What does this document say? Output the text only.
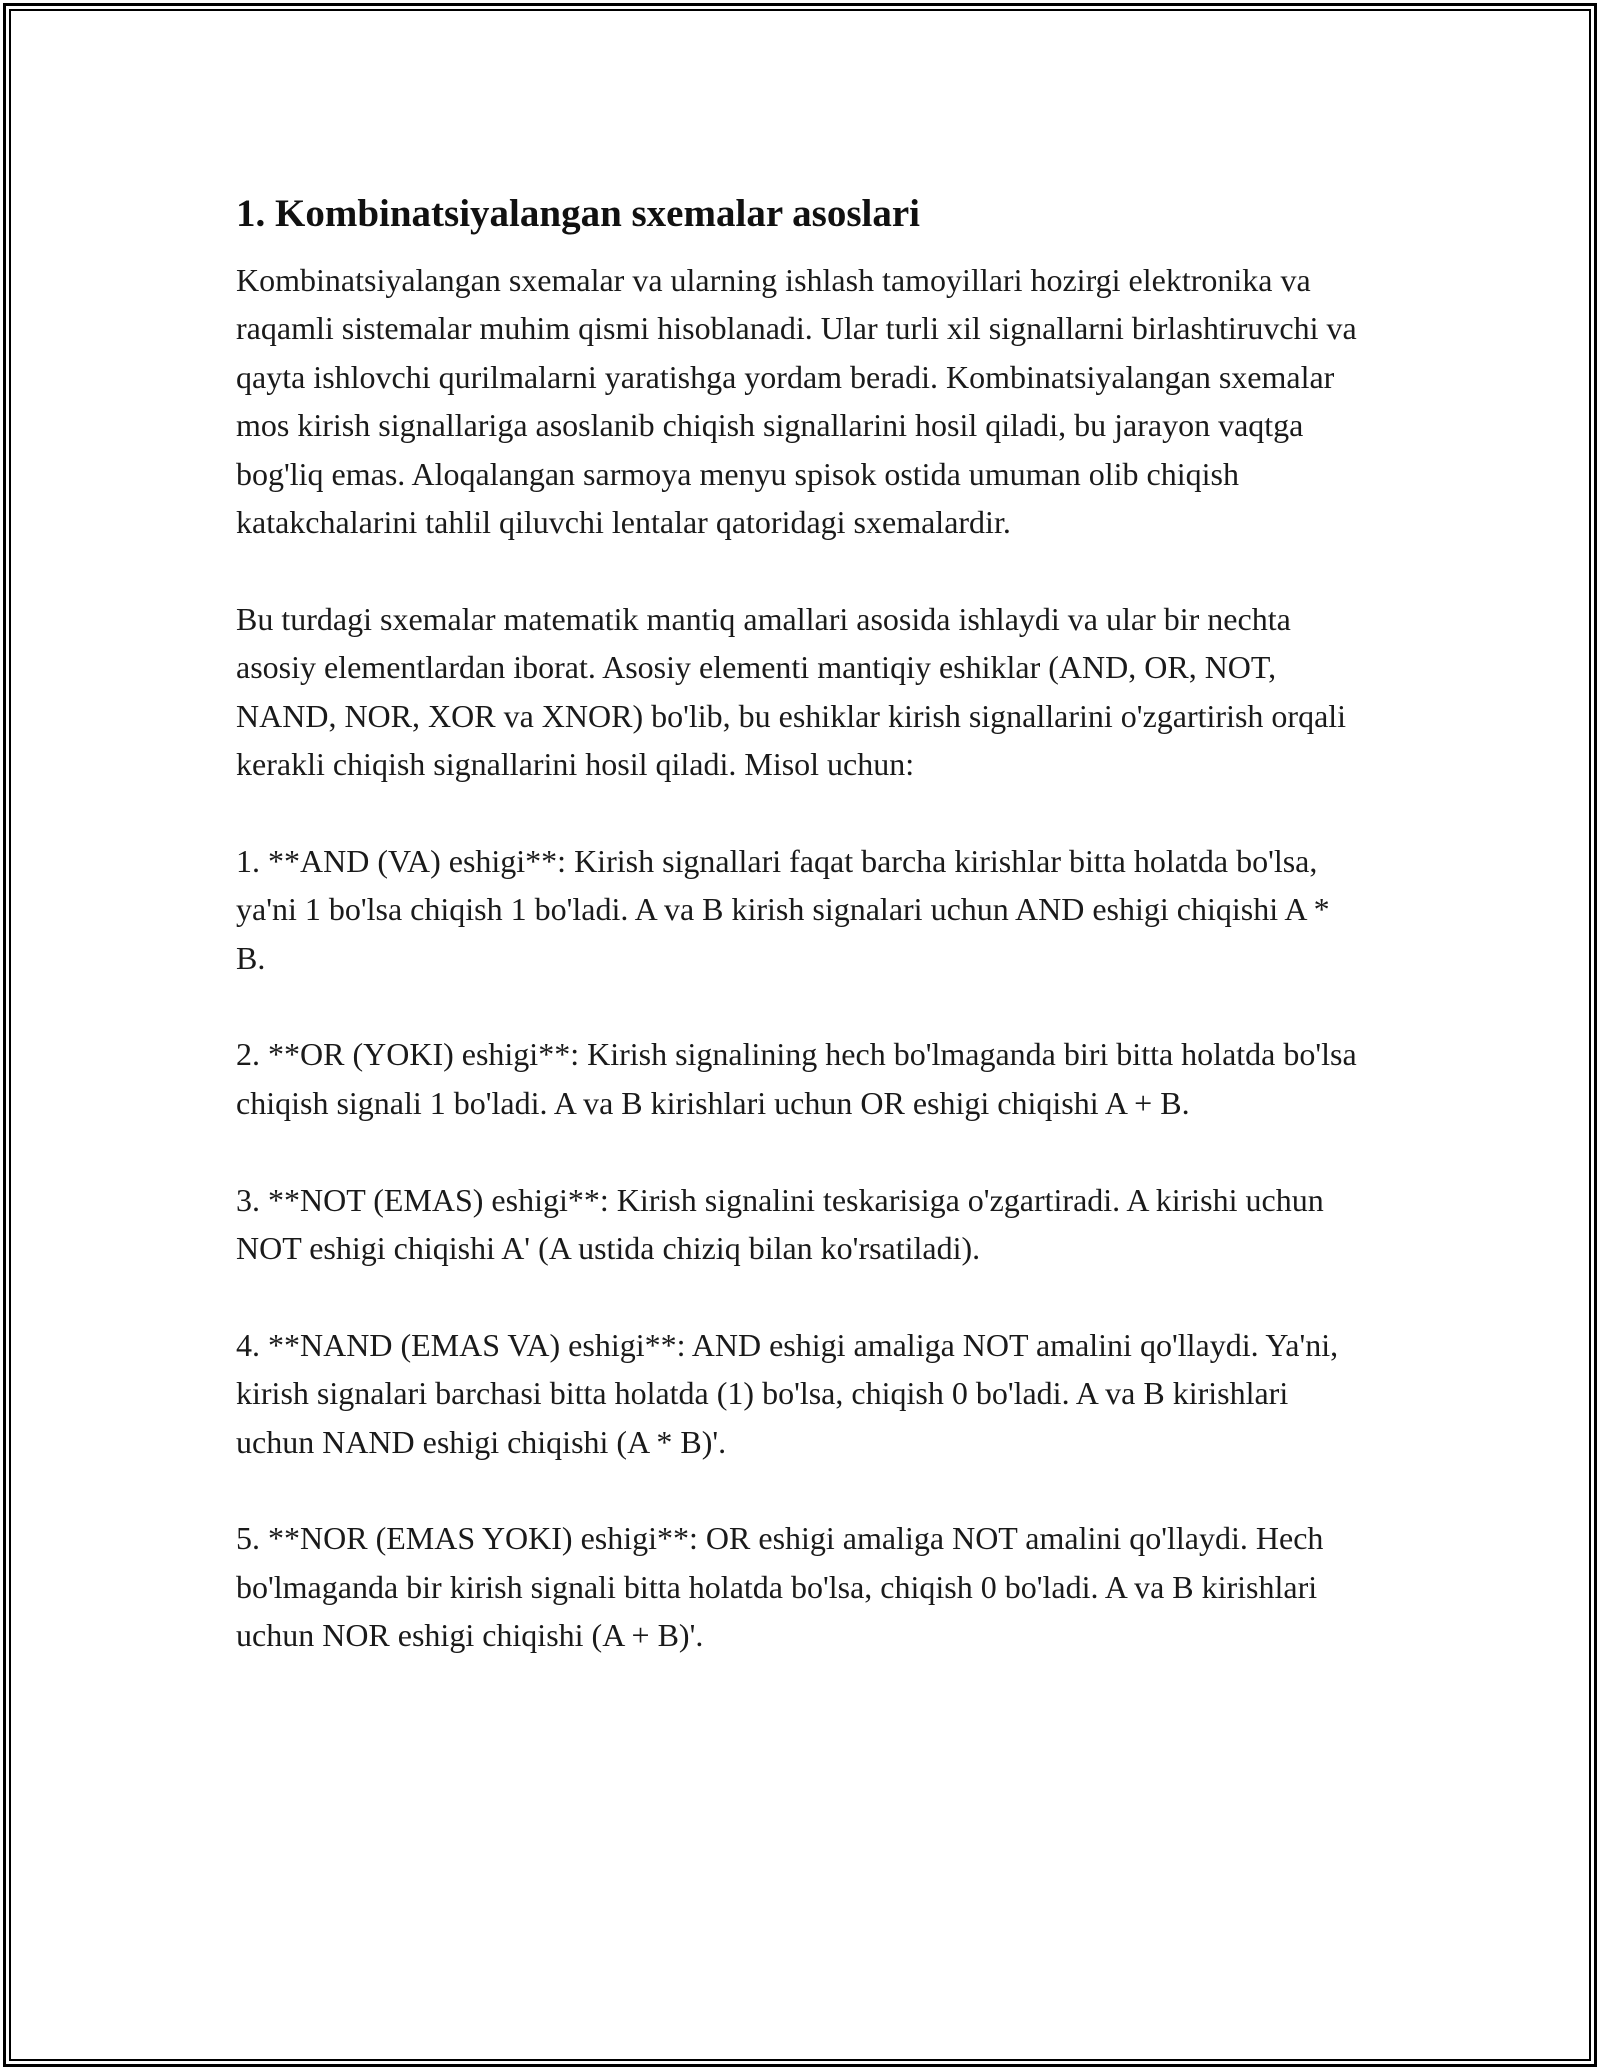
1. Kombinatsiyalangan sxemalar asoslari

Kombinatsiyalangan sxemalar va ularning ishlash tamoyillari hozirgi elektronika va raqamli sistemalar muhim qismi hisoblanadi. Ular turli xil signallarni birlashtiruvchi va qayta ishlovchi qurilmalarni yaratishga yordam beradi. Kombinatsiyalangan sxemalar mos kirish signallariga asoslanib chiqish signallarini hosil qiladi, bu jarayon vaqtga bog'liq emas. Aloqalangan sarmoya menyu spisok ostida umuman olib chiqish katakchalarini tahlil qiluvchi lentalar qatoridagi sxemalardir.

Bu turdagi sxemalar matematik mantiq amallari asosida ishlaydi va ular bir nechta asosiy elementlardan iborat. Asosiy elementi mantiqiy eshiklar (AND, OR, NOT, NAND, NOR, XOR va XNOR) bo'lib, bu eshiklar kirish signallarini o'zgartirish orqali kerakli chiqish signallarini hosil qiladi. Misol uchun:

1. **AND (VA) eshigi**: Kirish signallari faqat barcha kirishlar bitta holatda bo'lsa, ya'ni 1 bo'lsa chiqish 1 bo'ladi. A va B kirish signalari uchun AND eshigi chiqishi A * B.

2. **OR (YOKI) eshigi**: Kirish signalining hech bo'lmaganda biri bitta holatda bo'lsa chiqish signali 1 bo'ladi. A va B kirishlari uchun OR eshigi chiqishi A + B.

3. **NOT (EMAS) eshigi**: Kirish signalini teskarisiga o'zgartiradi. A kirishi uchun NOT eshigi chiqishi A' (A ustida chiziq bilan ko'rsatiladi).

4. **NAND (EMAS VA) eshigi**: AND eshigi amaliga NOT amalini qo'llaydi. Ya'ni, kirish signalari barchasi bitta holatda (1) bo'lsa, chiqish 0 bo'ladi. A va B kirishlari uchun NAND eshigi chiqishi (A * B)'.

5. **NOR (EMAS YOKI) eshigi**: OR eshigi amaliga NOT amalini qo'llaydi. Hech bo'lmaganda bir kirish signali bitta holatda bo'lsa, chiqish 0 bo'ladi. A va B kirishlari uchun NOR eshigi chiqishi (A + B)'.
